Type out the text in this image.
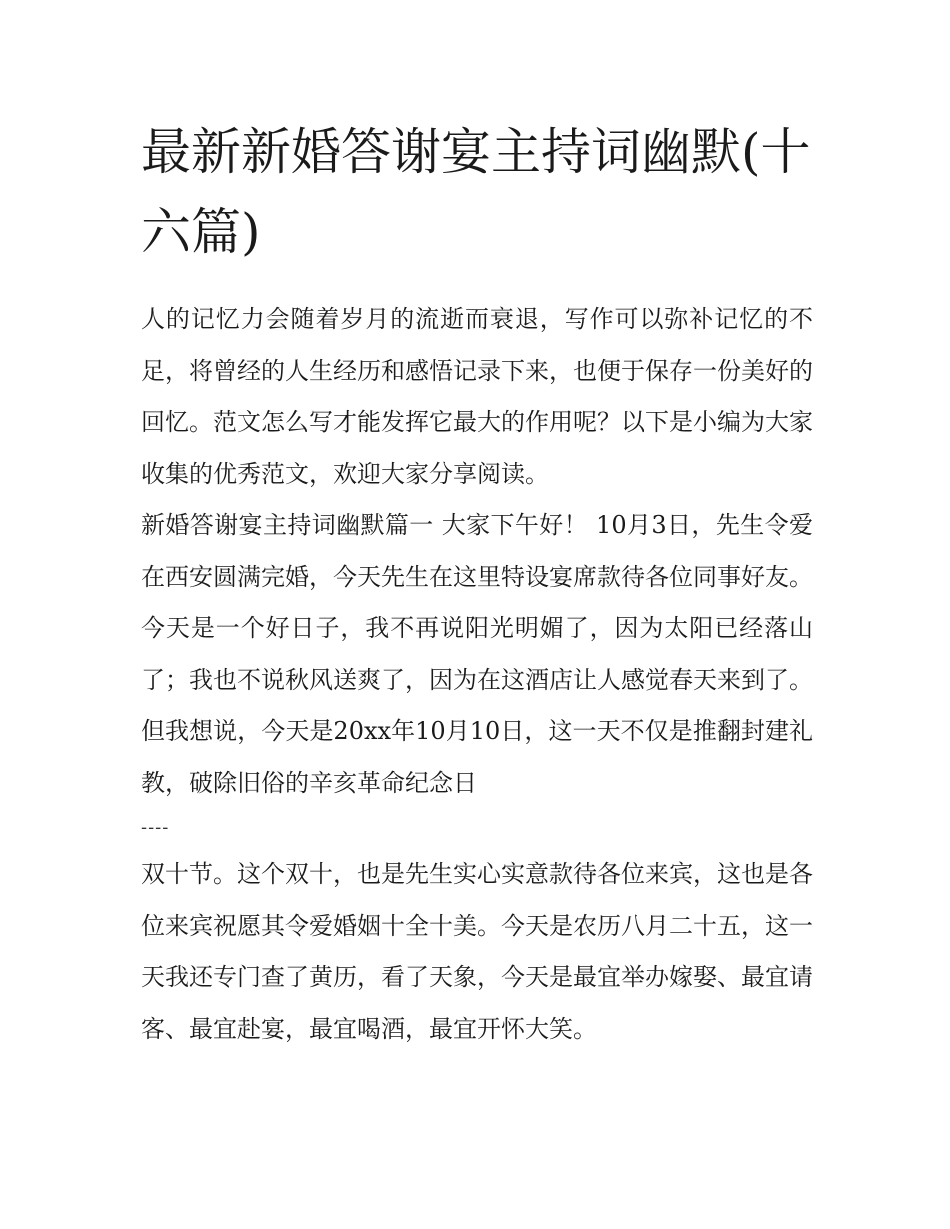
最新新婚答谢宴主持词幽默(十六篇)

人的记忆力会随着岁月的流逝而衰退，写作可以弥补记忆的不足，将曾经的人生经历和感悟记录下来，也便于保存一份美好的回忆。范文怎么写才能发挥它最大的作用呢？以下是小编为大家收集的优秀范文，欢迎大家分享阅读。

新婚答谢宴主持词幽默篇一 大家下午好！ 10月3日，先生令爱在西安圆满完婚，今天先生在这里特设宴席款待各位同事好友。

今天是一个好日子，我不再说阳光明媚了，因为太阳已经落山了；我也不说秋风送爽了，因为在这酒店让人感觉春天来到了。但我想说，今天是20xx年10月10日，这一天不仅是推翻封建礼教，破除旧俗的辛亥革命纪念日

----

双十节。这个双十，也是先生实心实意款待各位来宾，这也是各位来宾祝愿其令爱婚姻十全十美。今天是农历八月二十五，这一天我还专门查了黄历，看了天象，今天是最宜举办嫁娶、最宜请客、最宜赴宴，最宜喝酒，最宜开怀大笑。
